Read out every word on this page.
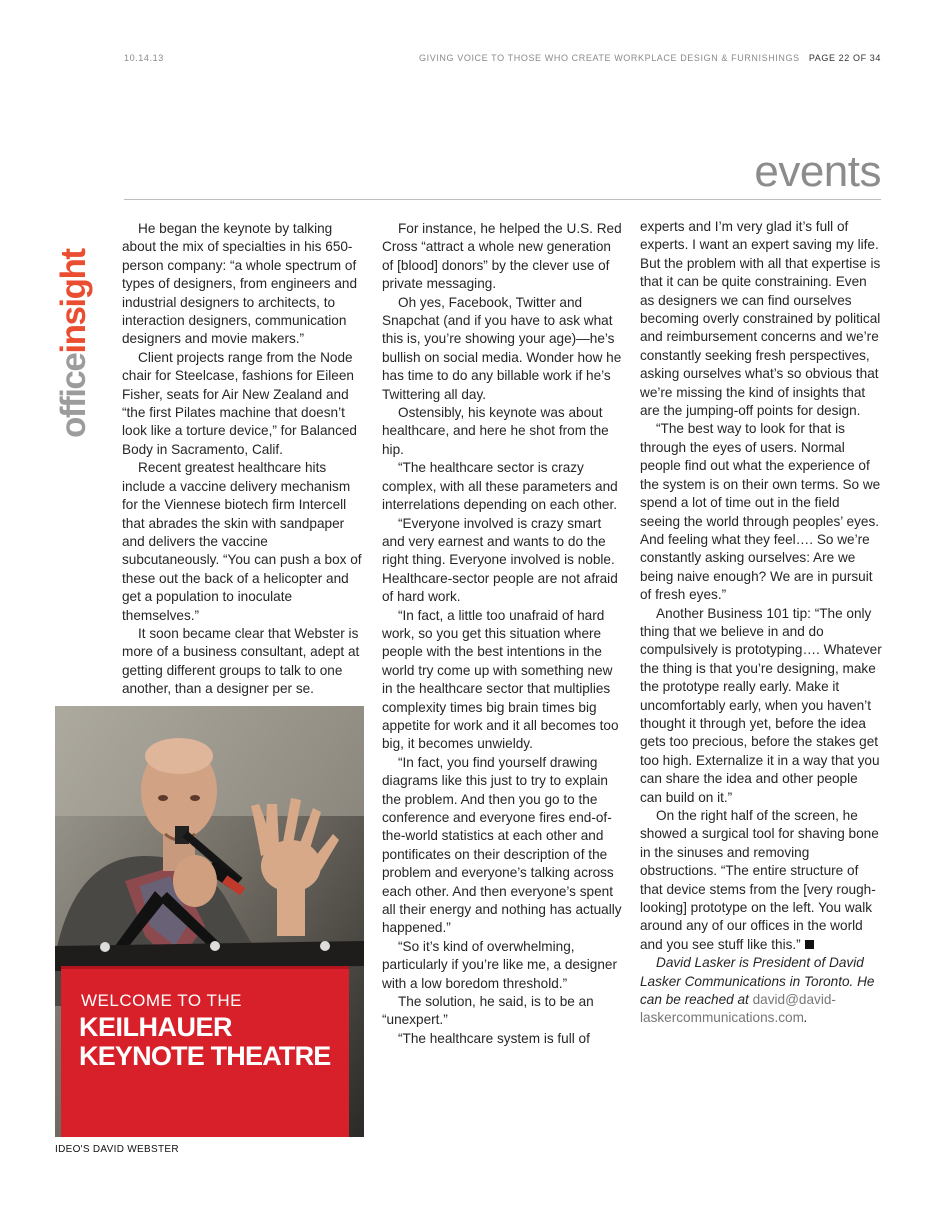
10.14.13	GIVING VOICE TO THOSE WHO CREATE WORKPLACE DESIGN & FURNISHINGS PAGE 22 OF 34
events
officeinsight

He began the keynote by talking about the mix of specialties in his 650-person company: “a whole spectrum of types of designers, from engineers and industrial designers to architects, to interaction designers, communication designers and movie makers.”

Client projects range from the Node chair for Steelcase, fashions for Eileen Fisher, seats for Air New Zealand and “the first Pilates machine that doesn’t look like a torture device,” for Balanced Body in Sacramento, Calif.

Recent greatest healthcare hits include a vaccine delivery mechanism for the Viennese biotech firm Intercell that abrades the skin with sandpaper and delivers the vaccine subcutaneously. “You can push a box of these out the back of a helicopter and get a population to inoculate themselves.”

It soon became clear that Webster is more of a business consultant, adept at getting different groups to talk to one another, than a designer per se.

WELCOME TO THE
KEILHAUER
KEYNOTE THEATRE
IDEO'S DAVID WEBSTER

For instance, he helped the U.S. Red Cross “attract a whole new generation of [blood] donors” by the clever use of private messaging.

Oh yes, Facebook, Twitter and Snapchat (and if you have to ask what this is, you’re showing your age)—he’s bullish on social media. Wonder how he has time to do any billable work if he’s Twittering all day.

Ostensibly, his keynote was about healthcare, and here he shot from the hip.

“The healthcare sector is crazy complex, with all these parameters and interrelations depending on each other.

“Everyone involved is crazy smart and very earnest and wants to do the right thing. Everyone involved is noble. Healthcare-sector people are not afraid of hard work.

“In fact, a little too unafraid of hard work, so you get this situation where people with the best intentions in the world try come up with something new in the healthcare sector that multiplies complexity times big brain times big appetite for work and it all becomes too big, it becomes unwieldy.

“In fact, you find yourself drawing diagrams like this just to try to explain the problem. And then you go to the conference and everyone fires end-of-the-world statistics at each other and pontificates on their description of the problem and everyone’s talking across each other. And then everyone’s spent all their energy and nothing has actually happened.”

“So it’s kind of overwhelming, particularly if you’re like me, a designer with a low boredom threshold.”

The solution, he said, is to be an “unexpert.”

“The healthcare system is full of

experts and I’m very glad it’s full of experts. I want an expert saving my life. But the problem with all that expertise is that it can be quite constraining. Even as designers we can find ourselves becoming overly constrained by political and reimbursement concerns and we’re constantly seeking fresh perspectives, asking ourselves what’s so obvious that we’re missing the kind of insights that are the jumping-off points for design.

“The best way to look for that is through the eyes of users. Normal people find out what the experience of the system is on their own terms. So we spend a lot of time out in the field seeing the world through peoples’ eyes. And feeling what they feel…. So we’re constantly asking ourselves: Are we being naive enough? We are in pursuit of fresh eyes.”

Another Business 101 tip: “The only thing that we believe in and do compulsively is prototyping…. Whatever the thing is that you’re designing, make the prototype really early. Make it uncomfortably early, when you haven’t thought it through yet, before the idea gets too precious, before the stakes get too high. Externalize it in a way that you can share the idea and other people can build on it.”

On the right half of the screen, he showed a surgical tool for shaving bone in the sinuses and removing obstructions. “The entire structure of that device stems from the [very rough-looking] prototype on the left. You walk around any of our offices in the world and you see stuff like this.”

David Lasker is President of David Lasker Communications in Toronto. He can be reached at david@david-laskercommunications.com.
